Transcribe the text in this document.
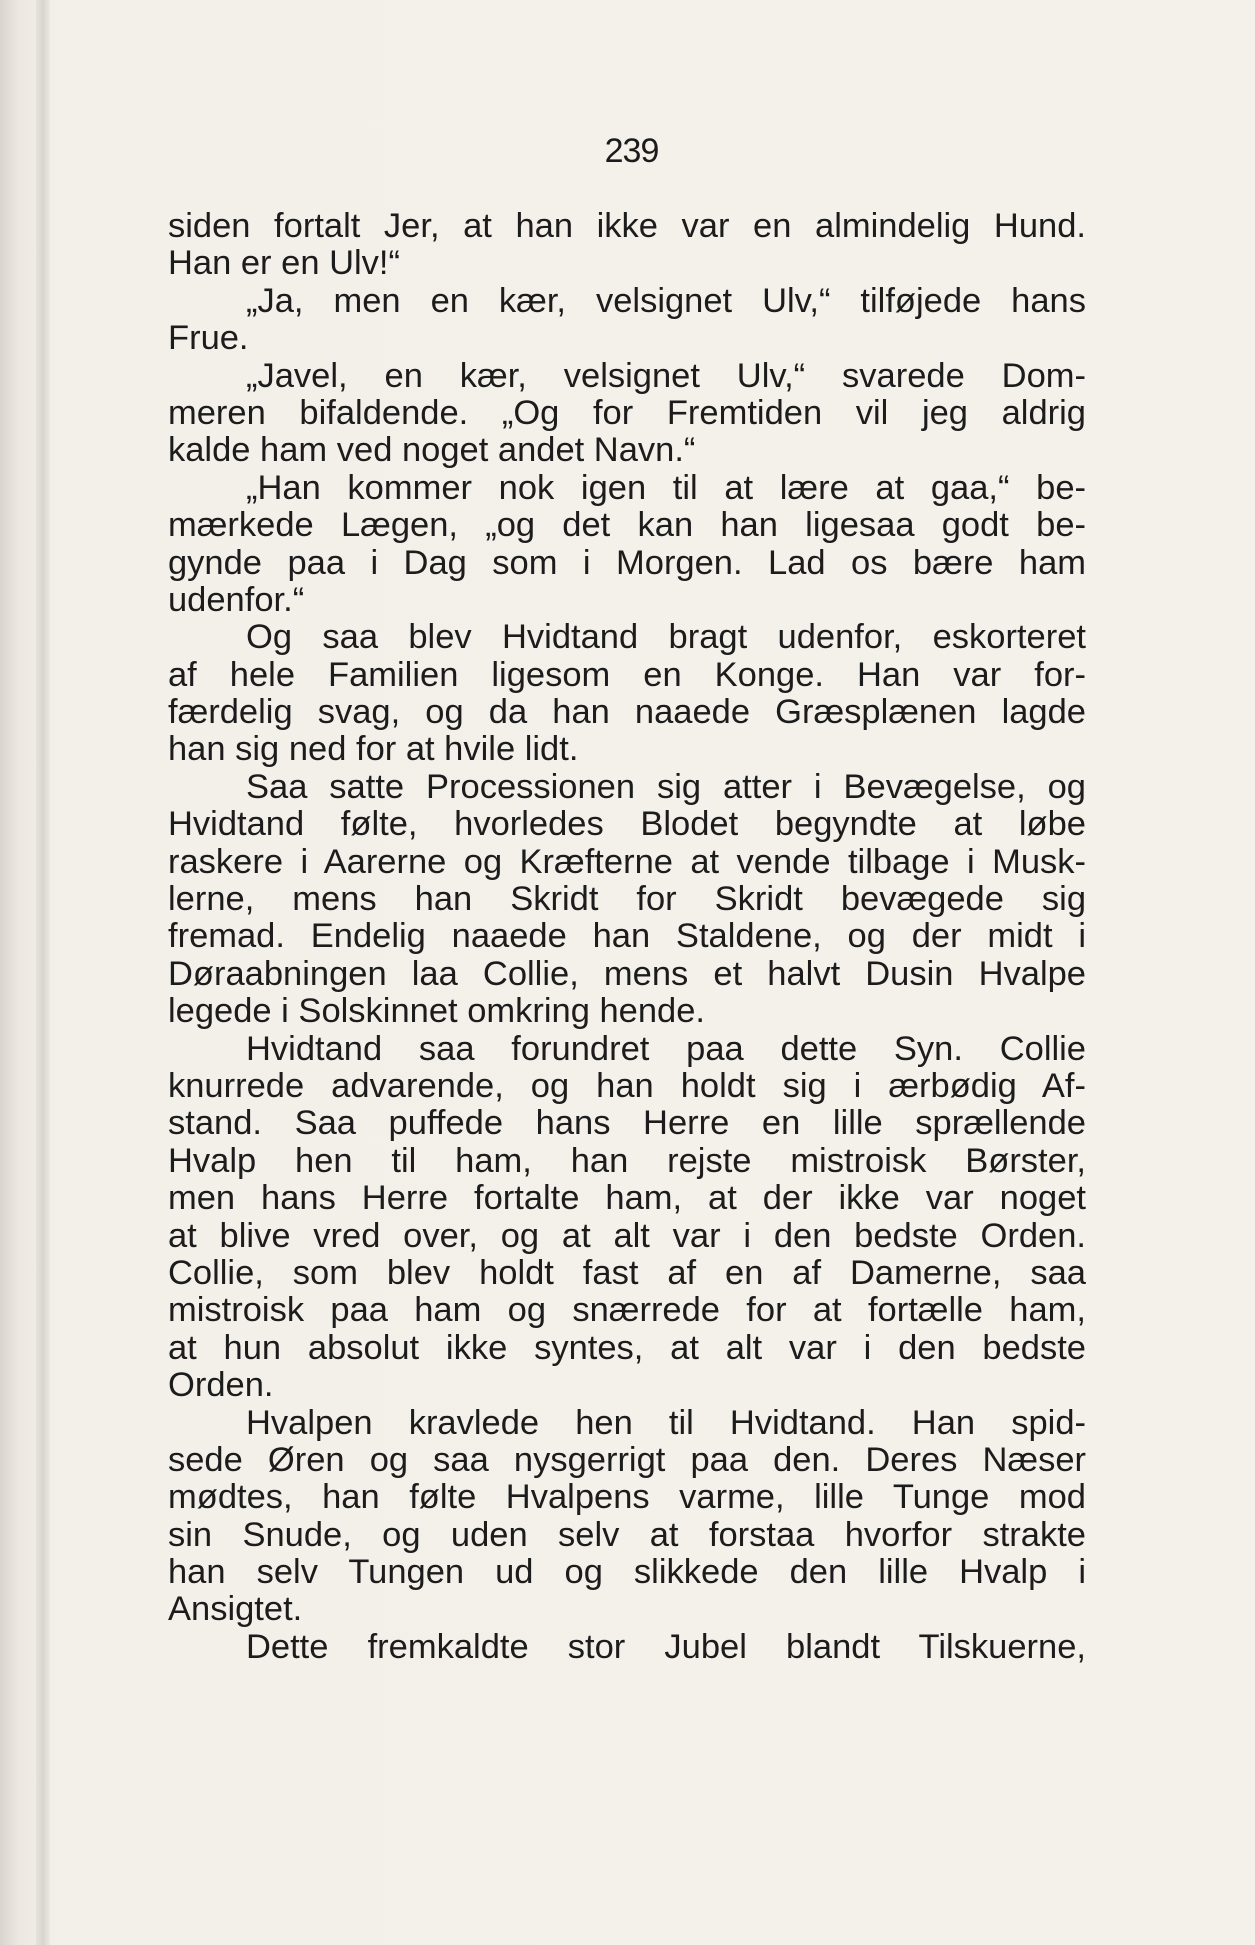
239
siden fortalt Jer, at han ikke var en almindelig Hund.
Han er en Ulv!“
„Ja, men en kær, velsignet Ulv,“ tilføjede hans
Frue.
„Javel, en kær, velsignet Ulv,“ svarede Dom-
meren bifaldende. „Og for Fremtiden vil jeg aldrig
kalde ham ved noget andet Navn.“
„Han kommer nok igen til at lære at gaa,“ be-
mærkede Lægen, „og det kan han ligesaa godt be-
gynde paa i Dag som i Morgen. Lad os bære ham
udenfor.“
Og saa blev Hvidtand bragt udenfor, eskorteret
af hele Familien ligesom en Konge. Han var for-
færdelig svag, og da han naaede Græsplænen lagde
han sig ned for at hvile lidt.
Saa satte Processionen sig atter i Bevægelse, og
Hvidtand følte, hvorledes Blodet begyndte at løbe
raskere i Aarerne og Kræfterne at vende tilbage i Musk-
lerne, mens han Skridt for Skridt bevægede sig
fremad. Endelig naaede han Staldene, og der midt i
Døraabningen laa Collie, mens et halvt Dusin Hvalpe
legede i Solskinnet omkring hende.
Hvidtand saa forundret paa dette Syn. Collie
knurrede advarende, og han holdt sig i ærbødig Af-
stand. Saa puffede hans Herre en lille sprællende
Hvalp hen til ham, han rejste mistroisk Børster,
men hans Herre fortalte ham, at der ikke var noget
at blive vred over, og at alt var i den bedste Orden.
Collie, som blev holdt fast af en af Damerne, saa
mistroisk paa ham og snærrede for at fortælle ham,
at hun absolut ikke syntes, at alt var i den bedste
Orden.
Hvalpen kravlede hen til Hvidtand. Han spid-
sede Øren og saa nysgerrigt paa den. Deres Næser
mødtes, han følte Hvalpens varme, lille Tunge mod
sin Snude, og uden selv at forstaa hvorfor strakte
han selv Tungen ud og slikkede den lille Hvalp i
Ansigtet.
Dette fremkaldte stor Jubel blandt Tilskuerne,
